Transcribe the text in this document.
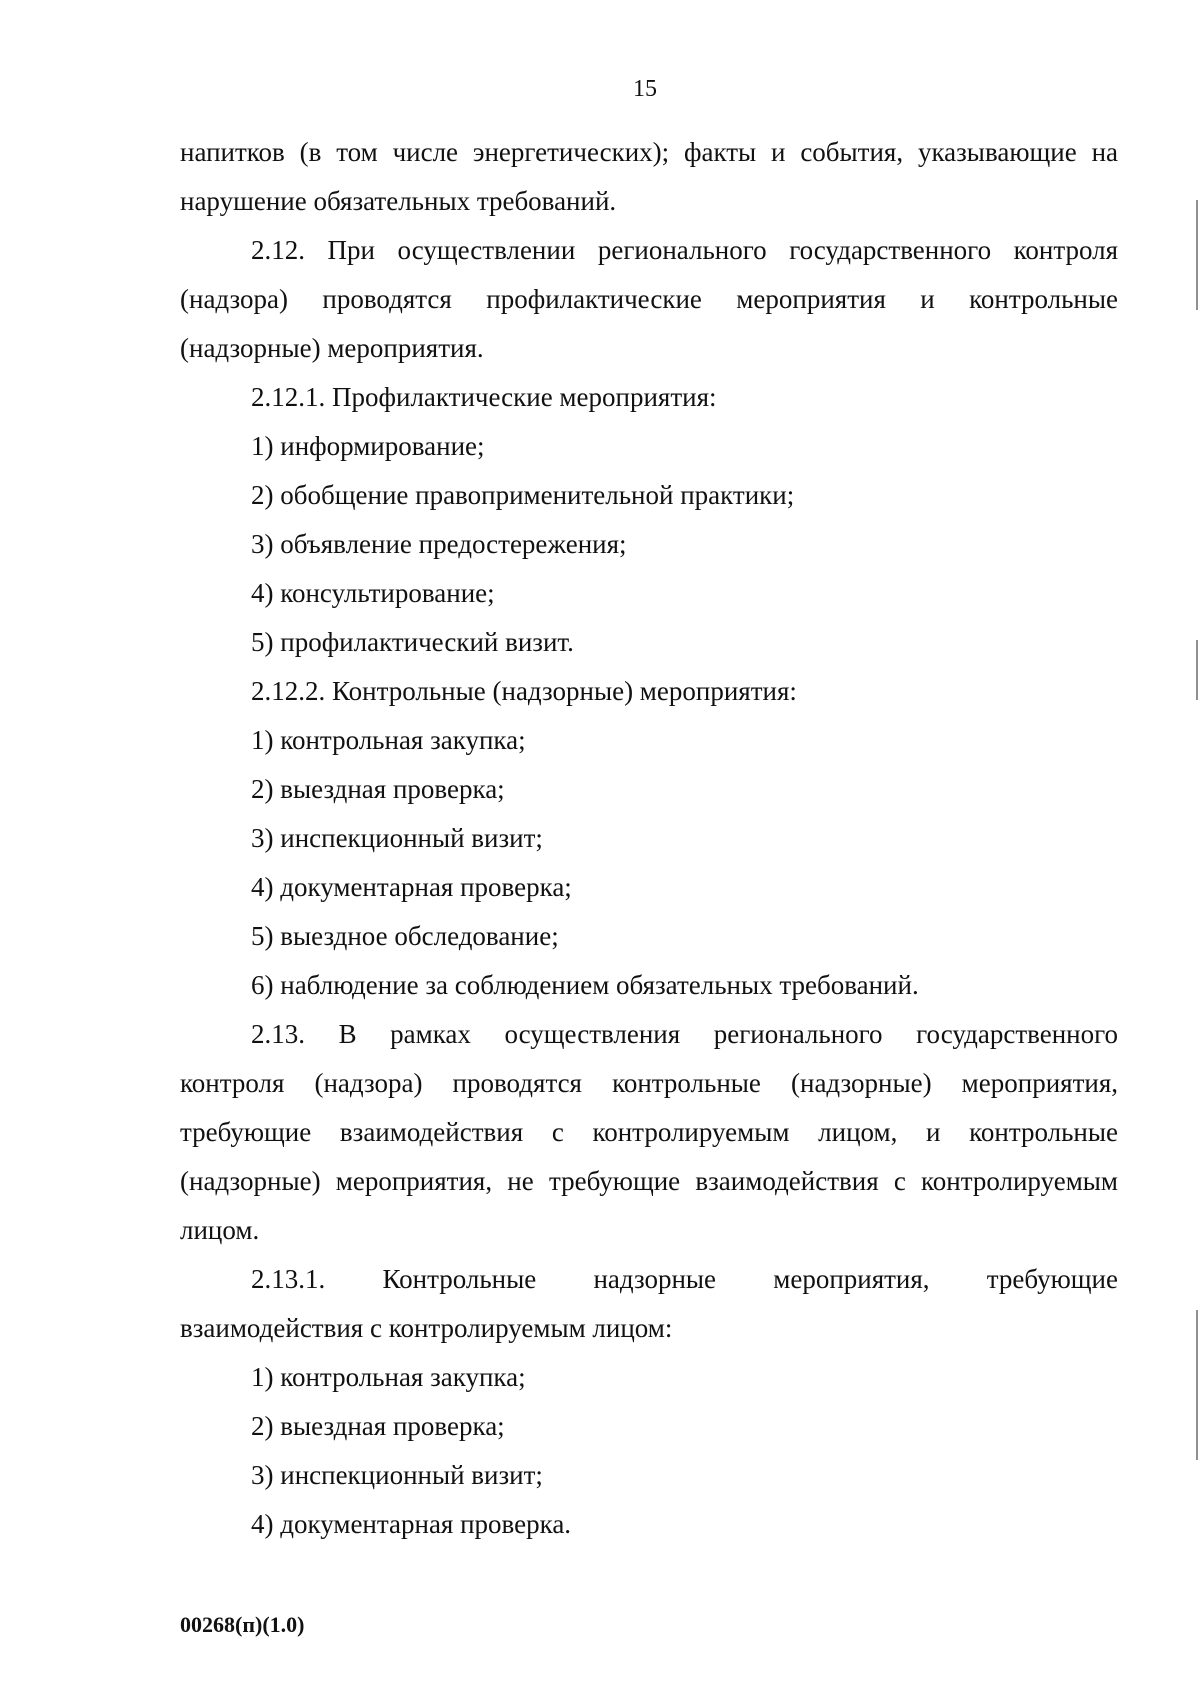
15
напитков (в том числе энергетических); факты и события, указывающие на
нарушение обязательных требований.
2.12. При осуществлении регионального государственного контроля
(надзора) проводятся профилактические мероприятия и контрольные
(надзорные) мероприятия.
2.12.1. Профилактические мероприятия:
1) информирование;
2) обобщение правоприменительной практики;
3) объявление предостережения;
4) консультирование;
5) профилактический визит.
2.12.2. Контрольные (надзорные) мероприятия:
1) контрольная закупка;
2) выездная проверка;
3) инспекционный визит;
4) документарная проверка;
5) выездное обследование;
6) наблюдение за соблюдением обязательных требований.
2.13. В рамках осуществления регионального государственного
контроля (надзора) проводятся контрольные (надзорные) мероприятия,
требующие взаимодействия с контролируемым лицом, и контрольные
(надзорные) мероприятия, не требующие взаимодействия с контролируемым
лицом.
2.13.1. Контрольные надзорные мероприятия, требующие
взаимодействия с контролируемым лицом:
1) контрольная закупка;
2) выездная проверка;
3) инспекционный визит;
4) документарная проверка.
00268(п)(1.0)
